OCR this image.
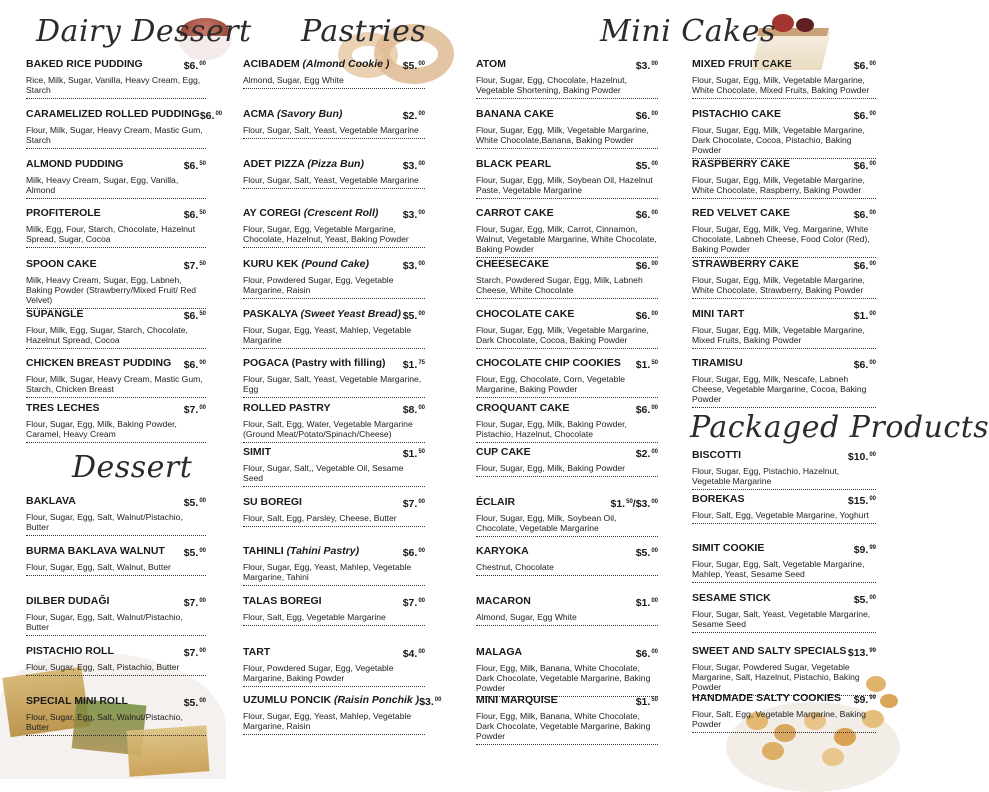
Dairy Dessert
BAKED RICE PUDDING	$6.00
Rice, Milk, Sugar, Vanilla, Heavy Cream, Egg, Starch
CARAMELIZED ROLLED PUDDING $6.00
Flour, Milk, Sugar, Heavy Cream, Mastic Gum, Starch
ALMOND PUDDING	$6.50
Milk, Heavy Cream, Sugar, Egg, Vanilla, Almond
PROFITEROLE	$6.50
Milk, Egg, Four, Starch, Chocolate, Hazelnut Spread, Sugar, Cocoa
SPOON CAKE	$7.50
Milk, Heavy Cream, Sugar, Egg, Labneh, Baking Powder (Strawberry/Mixed Fruit/ Red Velvet)
SUPANGLE	$6.50
Flour, Milk, Egg, Sugar, Starch, Chocolate, Hazelnut Spread, Cocoa
CHICKEN BREAST PUDDING $6.00
Flour, Milk, Sugar, Heavy Cream, Mastic Gum, Starch, Chicken Breast
TRES LECHES	$7.00
Flour, Sugar, Egg, Milk, Baking Powder, Caramel, Heavy Cream
Dessert
BAKLAVA	$5.00
Flour, Sugar, Egg, Salt, Walnut/Pistachio, Butter
BURMA BAKLAVA WALNUT $5.00
Flour, Sugar, Egg, Salt, Walnut, Butter
DILBER DUDAĞI	$7.00
Flour, Sugar, Egg, Salt, Walnut/Pistachio, Butter
PISTACHIO ROLL	$7.00
Flour, Sugar, Egg, Salt, Pistachio, Butter
SPECIAL MINI ROLL	$5.00
Flour, Sugar, Egg, Salt, Walnut/Pistachio, Butter
Pastries
ACIBADEM (Almond Cookie ) $5.00
Almond, Sugar, Egg White
ACMA (Savory Bun)	$2.00
Flour, Sugar, Salt, Yeast, Vegetable Margarine
ADET PIZZA (Pizza Bun)	$3.00
Flour, Sugar, Salt, Yeast, Vegetable Margarine
AY COREGI (Crescent Roll) $3.00
Flour, Sugar, Egg, Vegetable Margarine, Chocolate, Hazelnut, Yeast, Baking Powder
KURU KEK (Pound Cake)	$3.00
Flour, Powdered Sugar, Egg, Vegetable Margarine, Raisin
PASKALYA (Sweet Yeast Bread) $5.00
Flour, Sugar, Egg, Yeast, Mahlep, Vegetable Margarine
POGACA (Pastry with filling) $1.75
Flour, Sugar, Salt, Yeast, Vegetable Margarine, Egg
ROLLED PASTRY	$8.00
Flour, Salt, Egg, Water, Vegetable Margarine (Ground Meat/Potato/Spinach/Cheese)
SIMIT	$1.50
Flour, Sugar, Salt,, Vegetable Oil, Sesame Seed
SU BOREGI	$7.00
Flour, Salt, Egg, Parsley, Cheese, Butter
TAHINLI (Tahini Pastry)	$6.00
Flour, Sugar, Egg, Yeast, Mahlep, Vegetable Margarine, Tahini
TALAS BOREGI	$7.00
Flour, Salt, Egg, Vegetable Margarine
TART	$4.00
Flour, Powdered Sugar, Egg, Vegetable Margarine, Baking Powder
UZUMLU PONCIK (Raisin Ponchik ) $3.00
Flour, Sugar, Egg, Yeast, Mahlep, Vegetable Margarine, Raisin
Mini Cakes
ATOM	$3.00
Flour, Sugar, Egg, Chocolate, Hazelnut, Vegetable Shortening, Baking Powder
BANANA CAKE	$6.00
Flour, Sugar, Egg, Milk, Vegetable Margarine, White Chocolate,Banana, Baking Powder
BLACK PEARL	$5.00
Flour, Sugar, Egg, Milk, Soybean Oil, Hazelnut Paste, Vegetable Margarine
CARROT CAKE	$6.00
Flour, Sugar, Egg, Milk, Carrot, Cinnamon, Walnut, Vegetable Margarine, White Chocolate, Baking Powder
CHEESECAKE	$6.00
Starch, Powdered Sugar, Egg, Milk, Labneh Cheese, White Chocolate
CHOCOLATE CAKE	$6.00
Flour, Sugar, Egg, Milk, Vegetable Margarine, Dark Chocolate, Cocoa, Baking Powder
CHOCOLATE CHIP COOKIES $1.50
Flour, Egg, Chocolate, Corn, Vegetable Margarine, Baking Powder
CROQUANT CAKE	$6.00
Flour, Sugar, Egg, Milk, Baking Powder, Pistachio, Hazelnut, Chocolate
CUP CAKE	$2.00
Flour, Sugar, Egg, Milk, Baking Powder
ÉCLAIR	$1.50/$3.00
Flour, Sugar, Egg, Milk, Soybean Oil, Chocolate, Vegetable Margarine
KARYOKA	$5.00
Chestnut, Chocolate
MACARON	$1.00
Almond, Sugar, Egg White
MALAGA	$6.00
Flour, Egg, Milk, Banana, White Chocolate, Dark Chocolate, Vegetable Margarine, Baking Powder
MINI MARQUISE	$1.50
Flour, Egg, Milk, Banana, White Chocolate, Dark Chocolate, Vegetable Margarine, Baking Powder
MIXED FRUIT CAKE	$6.00
Flour, Sugar, Egg, Milk, Vegetable Margarine, White Chocolate, Mixed Fruits, Baking Powder
PISTACHIO CAKE	$6.00
Flour, Sugar, Egg, Milk, Vegetable Margarine, Dark Chocolate, Cocoa, Pistachio, Baking Powder
RASPBERRY CAKE	$6.00
Flour, Sugar, Egg, Milk, Vegetable Margarine, White Chocolate, Raspberry, Baking Powder
RED VELVET CAKE	$6.00
Flour, Sugar, Egg, Milk, Veg. Margarine, White Chocolate, Labneh Cheese, Food Color (Red), Baking Powder
STRAWBERRY CAKE	$6.00
Flour, Sugar, Egg, Milk, Vegetable Margarine, White Chocolate, Strawberry, Baking Powder
MINI TART	$1.00
Flour, Sugar, Egg, Milk, Vegetable Margarine, Mixed Fruits, Baking Powder
TIRAMISU	$6.00
Flour, Sugar, Egg, Milk, Nescafe, Labneh Cheese, Vegetable Margarine, Cocoa, Baking Powder
Packaged Products
BISCOTTI	$10.00
Flour, Sugar, Egg, Pistachio, Hazelnut, Vegetable Margarine
BOREKAS	$15.00
Flour, Salt, Egg, Vegetable Margarine, Yoghurt
SIMIT COOKIE	$9.99
Flour, Sugar, Egg, Salt, Vegetable Margarine, Mahlep, Yeast, Sesame Seed
SESAME STICK	$5.00
Flour, Sugar, Salt, Yeast, Vegetable Margarine, Sesame Seed
SWEET AND SALTY SPECIALS $13.99
Flour, Sugar, Powdered Sugar, Vegetable Margarine, Salt, Hazelnut, Pistachio, Baking Powder
HANDMADE SALTY COOKIES $9.99
Flour, Salt, Egg, Vegetable Margarine, Baking Powder
